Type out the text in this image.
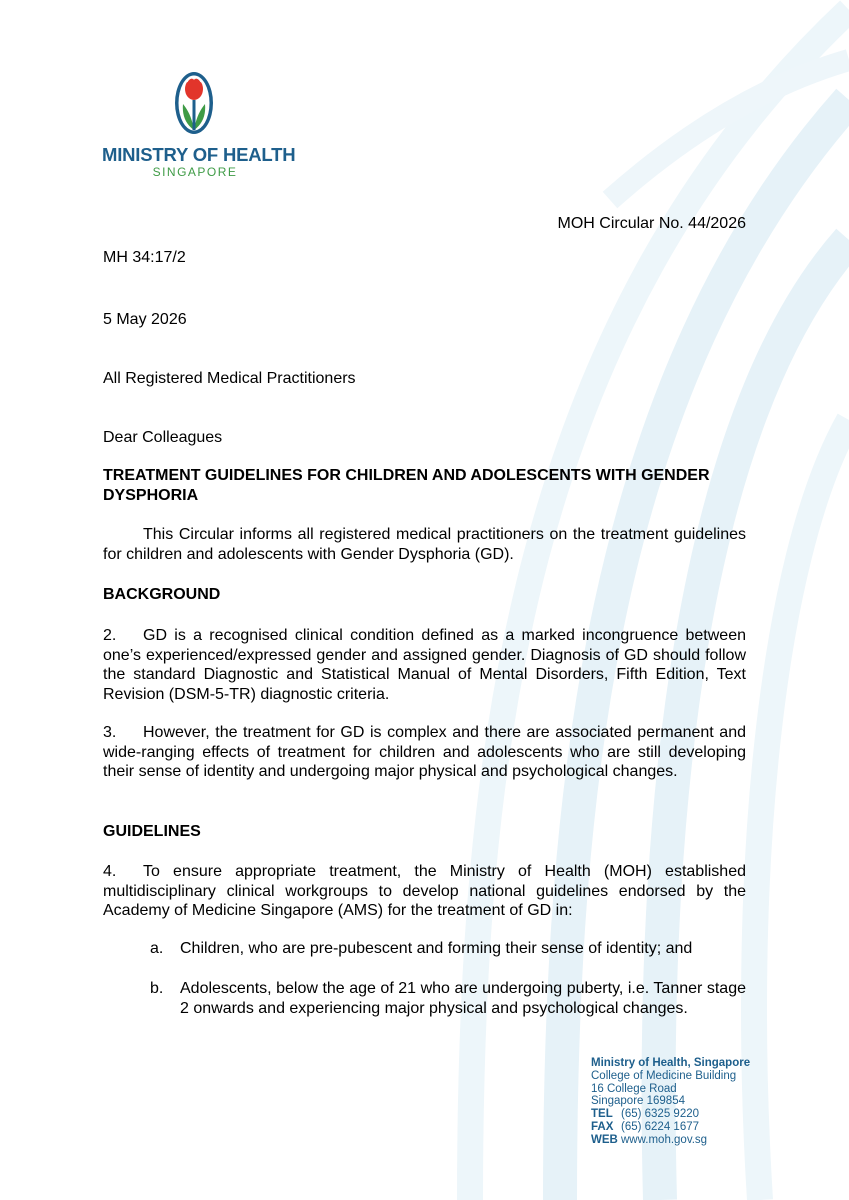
MINISTRY OF HEALTH
SINGAPORE
MOH Circular No. 44/2026
MH 34:17/2
5 May 2026
All Registered Medical Practitioners
Dear Colleagues
TREATMENT GUIDELINES FOR CHILDREN AND ADOLESCENTS WITH GENDER DYSPHORIA
This Circular informs all registered medical practitioners on the treatment guidelines for children and adolescents with Gender Dysphoria (GD).
BACKGROUND
2. GD is a recognised clinical condition defined as a marked incongruence between one’s experienced/expressed gender and assigned gender. Diagnosis of GD should follow the standard Diagnostic and Statistical Manual of Mental Disorders, Fifth Edition, Text Revision (DSM-5-TR) diagnostic criteria.
3. However, the treatment for GD is complex and there are associated permanent and wide-ranging effects of treatment for children and adolescents who are still developing their sense of identity and undergoing major physical and psychological changes.
GUIDELINES
4. To ensure appropriate treatment, the Ministry of Health (MOH) established multidisciplinary clinical workgroups to develop national guidelines endorsed by the Academy of Medicine Singapore (AMS) for the treatment of GD in:
a.	Children, who are pre-pubescent and forming their sense of identity; and
b.	Adolescents, below the age of 21 who are undergoing puberty, i.e. Tanner stage 2 onwards and experiencing major physical and psychological changes.
Ministry of Health, Singapore
College of Medicine Building
16 College Road
Singapore 169854
TEL (65) 6325 9220
FAX (65) 6224 1677
WEB www.moh.gov.sg
